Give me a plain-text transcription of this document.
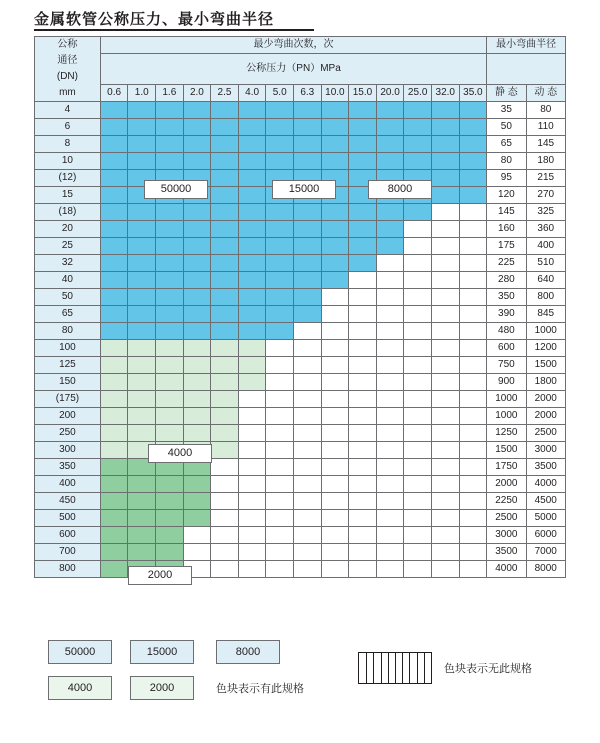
金属软管公称压力、最小弯曲半径
公称
通径
(DN)
mm	最少弯曲次数，次														最小弯曲半径	
	公称压力（PN）MPa															

	0.6	1.0	1.6	2.0	2.5	4.0	5.0	6.3	10.0	15.0	20.0	25.0	32.0	35.0	静 态	动 态
4															35	80
6															50	110
8															65	145
10															80	180
(12)															95	215
15															120	270
(18)															145	325
20															160	360
25															175	400
32															225	510
40															280	640
50															350	800
65															390	845
80															480	1000
100															600	1200
125															750	1500
150															900	1800
(175)															1000	2000
200															1000	2000
250															1250	2500
300															1500	3000
350															1750	3500
400															2000	4000
450															2250	4500
500															2500	5000
600															3000	6000
700															3500	7000
800															4000	8000
50000	15000	8000
4000
2000
50000	15000	8000
4000	2000	色块表示有此规格
色块表示无此规格
